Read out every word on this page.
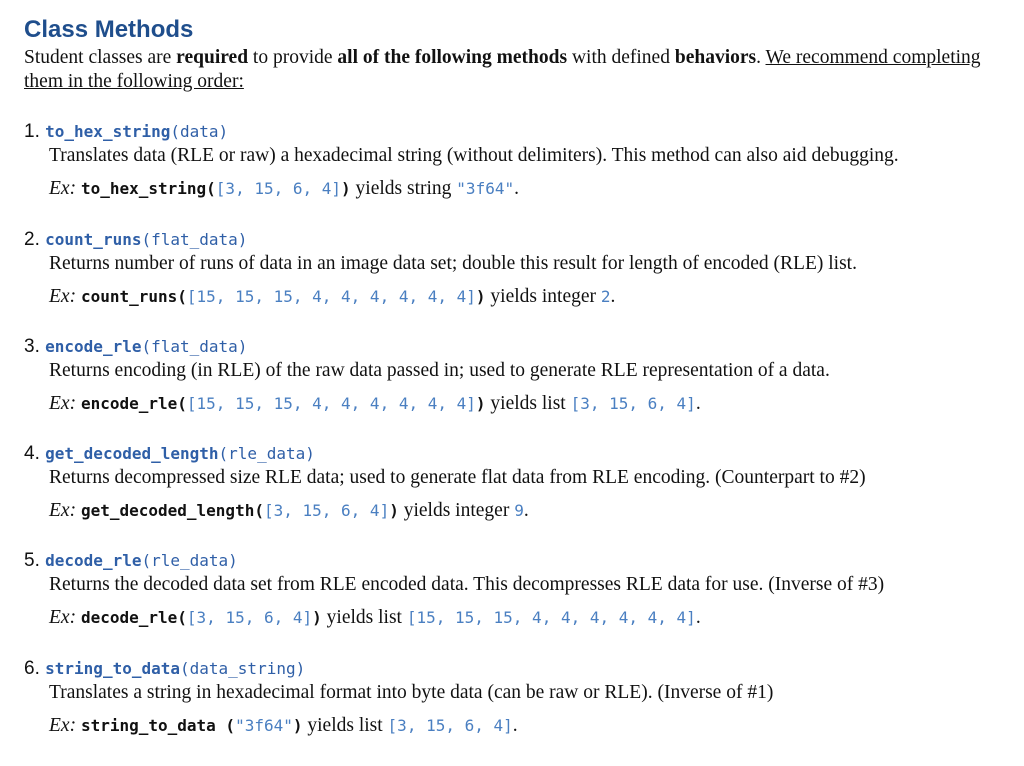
Class Methods
Student classes are required to provide all of the following methods with defined behaviors. We recommend completing them in the following order:
1. to_hex_string(data)
Translates data (RLE or raw) a hexadecimal string (without delimiters). This method can also aid debugging.
Ex: to_hex_string([3, 15, 6, 4]) yields string "3f64".
2. count_runs(flat_data)
Returns number of runs of data in an image data set; double this result for length of encoded (RLE) list.
Ex: count_runs([15, 15, 15, 4, 4, 4, 4, 4, 4]) yields integer 2.
3. encode_rle(flat_data)
Returns encoding (in RLE) of the raw data passed in; used to generate RLE representation of a data.
Ex: encode_rle([15, 15, 15, 4, 4, 4, 4, 4, 4]) yields list [3, 15, 6, 4].
4. get_decoded_length(rle_data)
Returns decompressed size RLE data; used to generate flat data from RLE encoding. (Counterpart to #2)
Ex: get_decoded_length([3, 15, 6, 4]) yields integer 9.
5. decode_rle(rle_data)
Returns the decoded data set from RLE encoded data. This decompresses RLE data for use. (Inverse of #3)
Ex: decode_rle([3, 15, 6, 4]) yields list [15, 15, 15, 4, 4, 4, 4, 4, 4].
6. string_to_data(data_string)
Translates a string in hexadecimal format into byte data (can be raw or RLE). (Inverse of #1)
Ex: string_to_data ("3f64") yields list [3, 15, 6, 4].
